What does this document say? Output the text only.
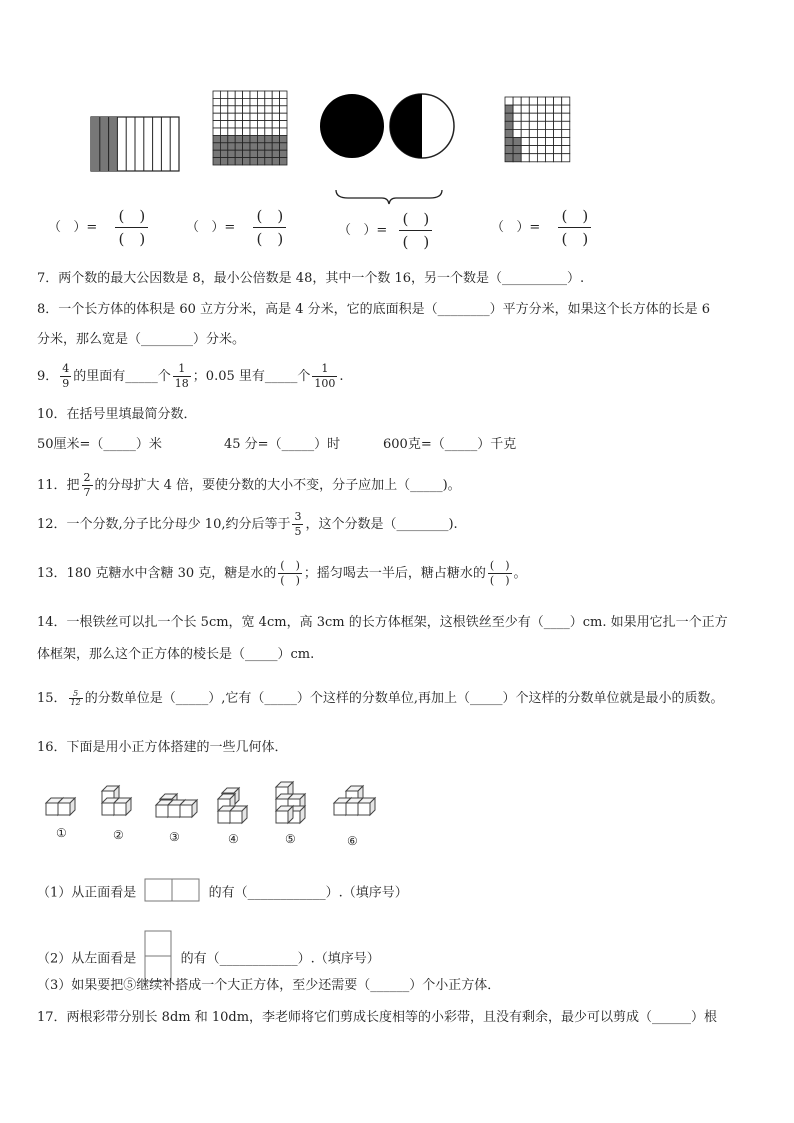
（ ）=
(　)
(　)
（ ）=
(　)
(　)	（ ）=
(　)
(　)
（ ）=
(　)
(　)
7．两个数的最大公因数是 8，最小公倍数是 48，其中一个数 16，另一个数是（__________）.
8．一个长方体的体积是 60 立方分米，高是 4 分米，它的底面积是（________）平方分米，如果这个长方体的长是 6
分米，那么宽是（________）分米。
9． $\frac{4}{9}$ 的里面有_____个 $\frac{1}{18}$ ；0.05 里有_____个 $\frac{1}{100}$ .
10．在括号里填最简分数．
50厘米=（_____）米	45 分=（_____）时	600克=（_____）千克
11．把 $\frac{2}{7}$ 的分母扩大 4 倍，要使分数的大小不变，分子应加上（_____)。
12．一个分数,分子比分母少 10,约分后等于 $\frac{3}{5}$ ，这个分数是（________).
13．180 克糖水中含糖 30 克，糖是水的 $\frac{( )}{( )}$ ；摇匀喝去一半后，糖占糖水的 $\frac{( )}{( )}$ 。
14．一根铁丝可以扎一个长 5cm，宽 4cm，高 3cm 的长方体框架，这根铁丝至少有（____）cm. 如果用它扎一个正方
体框架，那么这个正方体的棱长是（_____）cm.
15． $\frac{5}{12}$ 的分数单位是（_____）,它有（_____）个这样的分数单位,再加上（_____）个这样的分数单位就是最小的质数。
16．下面是用小正方体搭建的一些几何体．
①	②	③	④	⑤	⑥
（1）从正面看是	的有（____________）.（填序号）
（2）从左面看是	的有（____________）.（填序号）
（3）如果要把⑤继续补搭成一个大正方体，至少还需要（______）个小正方体．
17．两根彩带分别长 8dm 和 10dm，李老师将它们剪成长度相等的小彩带，且没有剩余，最少可以剪成（______）根
